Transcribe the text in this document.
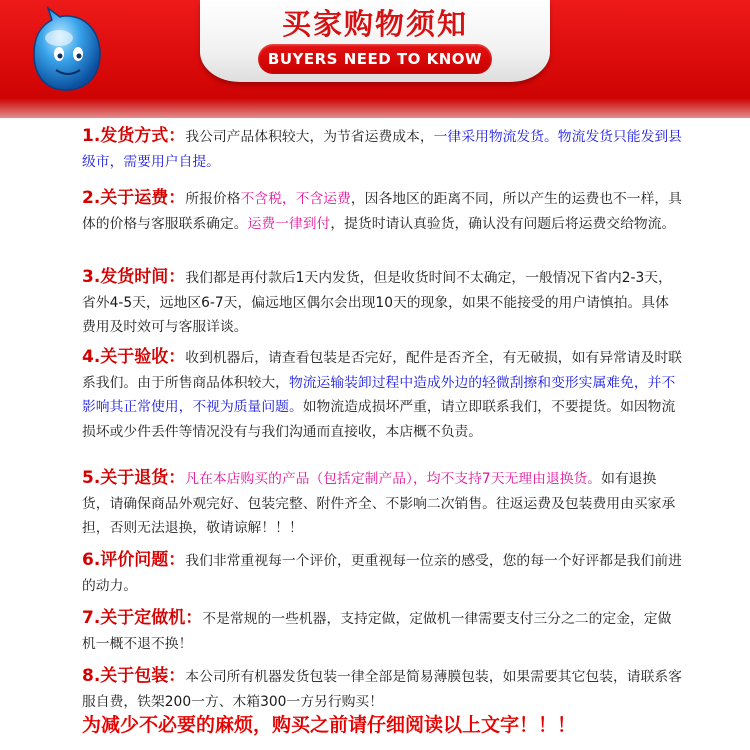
买家购物须知
BUYERS NEED TO KNOW
1.发货方式：我公司产品体积较大，为节省运费成本，一律采用物流发货。物流发货只能发到县级市，需要用户自提。
2.关于运费：所报价格不含税，不含运费，因各地区的距离不同，所以产生的运费也不一样，具体的价格与客服联系确定。运费一律到付，提货时请认真验货，确认没有问题后将运费交给物流。
3.发货时间：我们都是再付款后1天内发货，但是收货时间不太确定，一般情况下省内2-3天，省外4-5天，远地区6-7天，偏远地区偶尔会出现10天的现象，如果不能接受的用户请慎拍。具体费用及时效可与客服详谈。
4.关于验收：收到机器后，请查看包装是否完好，配件是否齐全，有无破损，如有异常请及时联系我们。由于所售商品体积较大，物流运输装卸过程中造成外边的轻微刮擦和变形实属难免，并不影响其正常使用，不视为质量问题。如物流造成损坏严重，请立即联系我们，不要提货。如因物流损坏或少件丢件等情况没有与我们沟通而直接收，本店概不负责。
5.关于退货：凡在本店购买的产品（包括定制产品），均不支持7天无理由退换货。如有退换货，请确保商品外观完好、包装完整、附件齐全、不影响二次销售。往返运费及包装费用由买家承担，否则无法退换，敬请谅解！！！
6.评价问题：我们非常重视每一个评价，更重视每一位亲的感受，您的每一个好评都是我们前进的动力。
7.关于定做机：不是常规的一些机器，支持定做，定做机一律需要支付三分之二的定金，定做机一概不退不换！
8.关于包装：本公司所有机器发货包装一律全部是简易薄膜包装，如果需要其它包装，请联系客服自费，铁架200一方、木箱300一方另行购买！
为减少不必要的麻烦，购买之前请仔细阅读以上文字！！！
